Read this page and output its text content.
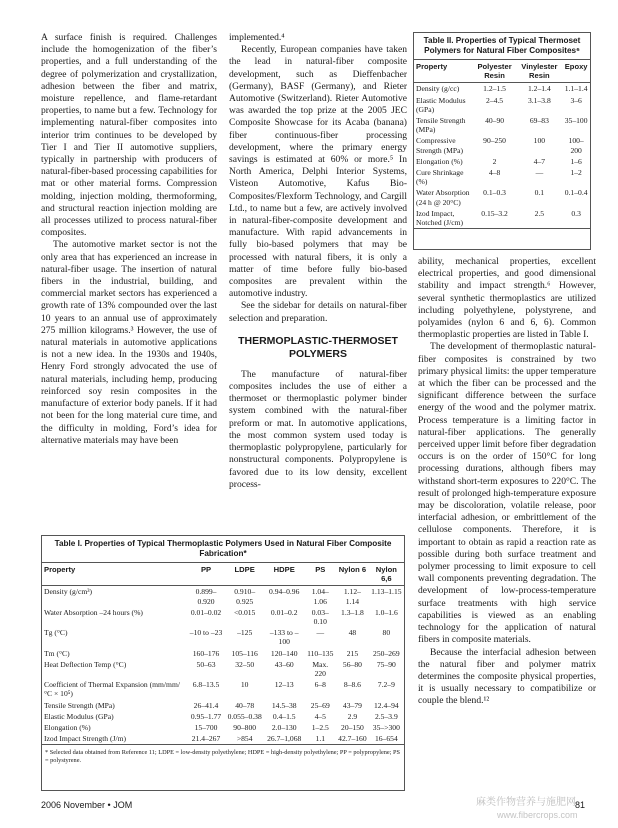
A surface finish is required. Challenges include the homogenization of the fiber’s properties, and a full understanding of the degree of polymerization and crystallization, adhesion between the fiber and matrix, moisture repellence, and flame-retardant properties, to name but a few. Technology for implementing natural-fiber composites into interior trim continues to be developed by Tier I and Tier II automotive suppliers, typically in partnership with producers of natural-fiber-based processing capabilities for mat or other material forms. Compression molding, injection molding, thermoforming, and structural reaction injection molding are all processes utilized to process natural-fiber composites.

The automotive market sector is not the only area that has experienced an increase in natural-fiber usage. The insertion of natural fibers in the industrial, building, and commercial market sectors has experienced a growth rate of 13% compounded over the last 10 years to an annual use of approximately 275 million kilograms.³ However, the use of natural materials in automotive applications is not a new idea. In the 1930s and 1940s, Henry Ford strongly advocated the use of natural materials, including hemp, producing reinforced soy resin composites in the manufacture of exterior body panels. If it had not been for the long material cure time, and the difficulty in molding, Ford’s idea for alternative materials may have been

implemented.⁴

Recently, European companies have taken the lead in natural-fiber composite development, such as Dieffenbacher (Germany), BASF (Germany), and Rieter Automotive (Switzerland). Rieter Automotive was awarded the top prize at the 2005 JEC Composite Showcase for its Acaba (banana) fiber continuous-fiber processing development, where the primary energy savings is estimated at 60% or more.⁵ In North America, Delphi Interior Systems, Visteon Automotive, Kafus Bio-Composites/Flexform Technology, and Cargill Ltd., to name but a few, are actively involved in natural-fiber-composite development and manufacture. With rapid advancements in fully bio-based polymers that may be processed with natural fibers, it is only a matter of time before fully bio-based composites are prevalent within the automotive industry.

See the sidebar for details on natural-fiber selection and preparation.

THERMOPLASTIC-THERMOSET POLYMERS

The manufacture of natural-fiber composites includes the use of either a thermoset or thermoplastic polymer binder system combined with the natural-fiber preform or mat. In automotive applications, the most common system used today is thermoplastic polypropylene, particularly for nonstructural components. Polypropylene is favored due to its low density, excellent process-

ability, mechanical properties, excellent electrical properties, and good dimensional stability and impact strength.⁶ However, several synthetic thermoplastics are utilized including polyethylene, polystyrene, and polyamides (nylon 6 and 6, 6). Common thermoplastic properties are listed in Table I.

The development of thermoplastic natural-fiber composites is constrained by two primary physical limits: the upper temperature at which the fiber can be processed and the significant difference between the surface energy of the wood and the polymer matrix. Process temperature is a limiting factor in natural-fiber applications. The generally perceived upper limit before fiber degradation occurs is on the order of 150°C for long processing durations, although fibers may withstand short-term exposures to 220°C. The result of prolonged high-temperature exposure may be discoloration, volatile release, poor interfacial adhesion, or embrittlement of the cellulose components. Therefore, it is important to obtain as rapid a reaction rate as possible during both surface treatment and polymer processing to limit exposure to cell wall components preventing degradation. The development of low-process-temperature surface treatments with high service capabilities is viewed as an enabling technology for the application of natural fibers in composite materials.

Because the interfacial adhesion between the natural fiber and polymer matrix determines the composite physical properties, it is usually necessary to compatibilize or couple the blend.¹²

Table I. Properties of Typical Thermoplastic Polymers Used in Natural Fiber Composite Fabrication*
Property	PP	LDPE	HDPE	PS	Nylon 6	Nylon 6,6
Density (g/cm³)	0.899–0.920	0.910–0.925	0.94–0.96	1.04–1.06	1.12–1.14	1.13–1.15
Water Absorption –24 hours (%)	0.01–0.02	<0.015	0.01–0.2	0.03–0.10	1.3–1.8	1.0–1.6
Tg (°C)	–10 to –23	–125	–133 to –100	—	48	80
Tm (°C)	160–176	105–116	120–140	110–135	215	250–269
Heat Deflection Temp (°C)	50–63	32–50	43–60	Max. 220	56–80	75–90
Coefficient of Thermal Expansion (mm/mm/ °C × 10⁵)	6.8–13.5	10	12–13	6–8	8–8.6	7.2–9
Tensile Strength (MPa)	26–41.4	40–78	14.5–38	25–69	43–79	12.4–94
Elastic Modulus (GPa)	0.95–1.77	0.055–0.38	0.4–1.5	4–5	2.9	2.5–3.9
Elongation (%)	15–700	90–800	2.0–130	1–2.5	20–150	35–>300
Izod Impact Strength (J/m)	21.4–267	>854	26.7–1,068	1.1	42.7–160	16–654
* Selected data obtained from Reference 11; LDPE = low-density polyethylene; HDPE = high-density polyethylene; PP = polypropylene; PS = polystyrene.
Table II. Properties of Typical Thermoset Polymers for Natural Fiber Composites⁶
Property	Polyester Resin	Vinylester Resin	Epoxy
Density (g/cc)	1.2–1.5	1.2–1.4	1.1–1.4
Elastic Modulus (GPa)	2–4.5	3.1–3.8	3–6
Tensile Strength (MPa)	40–90	69–83	35–100
Compressive Strength (MPa)	90–250	100	100–200
Elongation (%)	2	4–7	1–6
Cure Shrinkage (%)	4–8	—	1–2
Water Absorption (24 h @ 20°C)	0.1–0.3	0.1	0.1–0.4
Izod Impact, Notched (J/cm)	0.15–3.2	2.5	0.3
2006 November • JOM	81
麻类作物营养与施肥网
www.fibercrops.com
